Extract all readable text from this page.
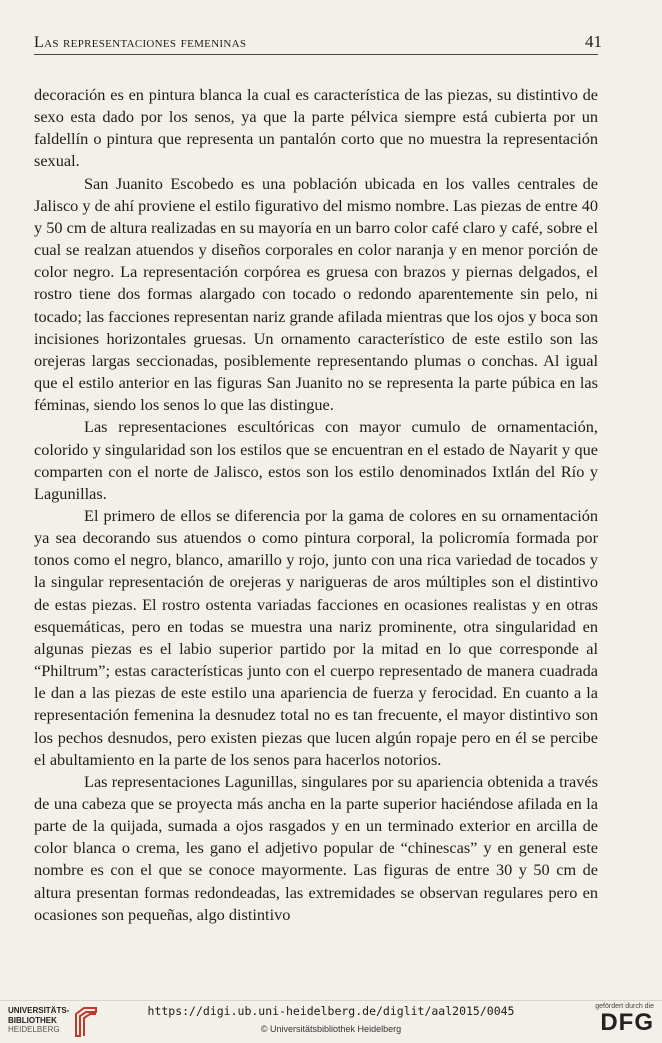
Las representaciones femeninas	41

decoración es en pintura blanca la cual es característica de las piezas, su distintivo de sexo esta dado por los senos, ya que la parte pélvica siempre está cubierta por un faldellín o pintura que representa un pantalón corto que no muestra la representación sexual.

San Juanito Escobedo es una población ubicada en los valles centrales de Jalisco y de ahí proviene el estilo figurativo del mismo nombre. Las piezas de entre 40 y 50 cm de altura realizadas en su mayoría en un barro color café claro y café, sobre el cual se realzan atuendos y diseños corporales en color naranja y en menor porción de color negro. La representación corpórea es gruesa con brazos y piernas delgados, el rostro tiene dos formas alargado con tocado o redondo aparentemente sin pelo, ni tocado; las facciones representan nariz grande afilada mientras que los ojos y boca son incisiones horizontales gruesas. Un ornamento característico de este estilo son las orejeras largas seccionadas, posiblemente representando plumas o conchas. Al igual que el estilo anterior en las figuras San Juanito no se representa la parte púbica en las féminas, siendo los senos lo que las distingue.

Las representaciones escultóricas con mayor cumulo de ornamentación, colorido y singularidad son los estilos que se encuentran en el estado de Nayarit y que comparten con el norte de Jalisco, estos son los estilo denominados Ixtlán del Río y Lagunillas.

El primero de ellos se diferencia por la gama de colores en su ornamentación ya sea decorando sus atuendos o como pintura corporal, la policromía formada por tonos como el negro, blanco, amarillo y rojo, junto con una rica variedad de tocados y la singular representación de orejeras y narigueras de aros múltiples son el distintivo de estas piezas. El rostro ostenta variadas facciones en ocasiones realistas y en otras esquemáticas, pero en todas se muestra una nariz prominente, otra singularidad en algunas piezas es el labio superior partido por la mitad en lo que corresponde al “Philtrum”; estas características junto con el cuerpo representado de manera cuadrada le dan a las piezas de este estilo una apariencia de fuerza y ferocidad. En cuanto a la representación femenina la desnudez total no es tan frecuente, el mayor distintivo son los pechos desnudos, pero existen piezas que lucen algún ropaje pero en él se percibe el abultamiento en la parte de los senos para hacerlos notorios.

Las representaciones Lagunillas, singulares por su apariencia obtenida a través de una cabeza que se proyecta más ancha en la parte superior haciéndose afilada en la parte de la quijada, sumada a ojos rasgados y en un terminado exterior en arcilla de color blanca o crema, les gano el adjetivo popular de “chinescas” y en general este nombre es con el que se conoce mayormente. Las figuras de entre 30 y 50 cm de altura presentan formas redondeadas, las extremidades se observan regulares pero en ocasiones son pequeñas, algo distintivo

UNIVERSITÄTS-
BIBLIOTHEK
HEIDELBERG
https://digi.ub.uni-heidelberg.de/diglit/aal2015/0045
© Universitätsbibliothek Heidelberg
gefördert durch die
DFG
